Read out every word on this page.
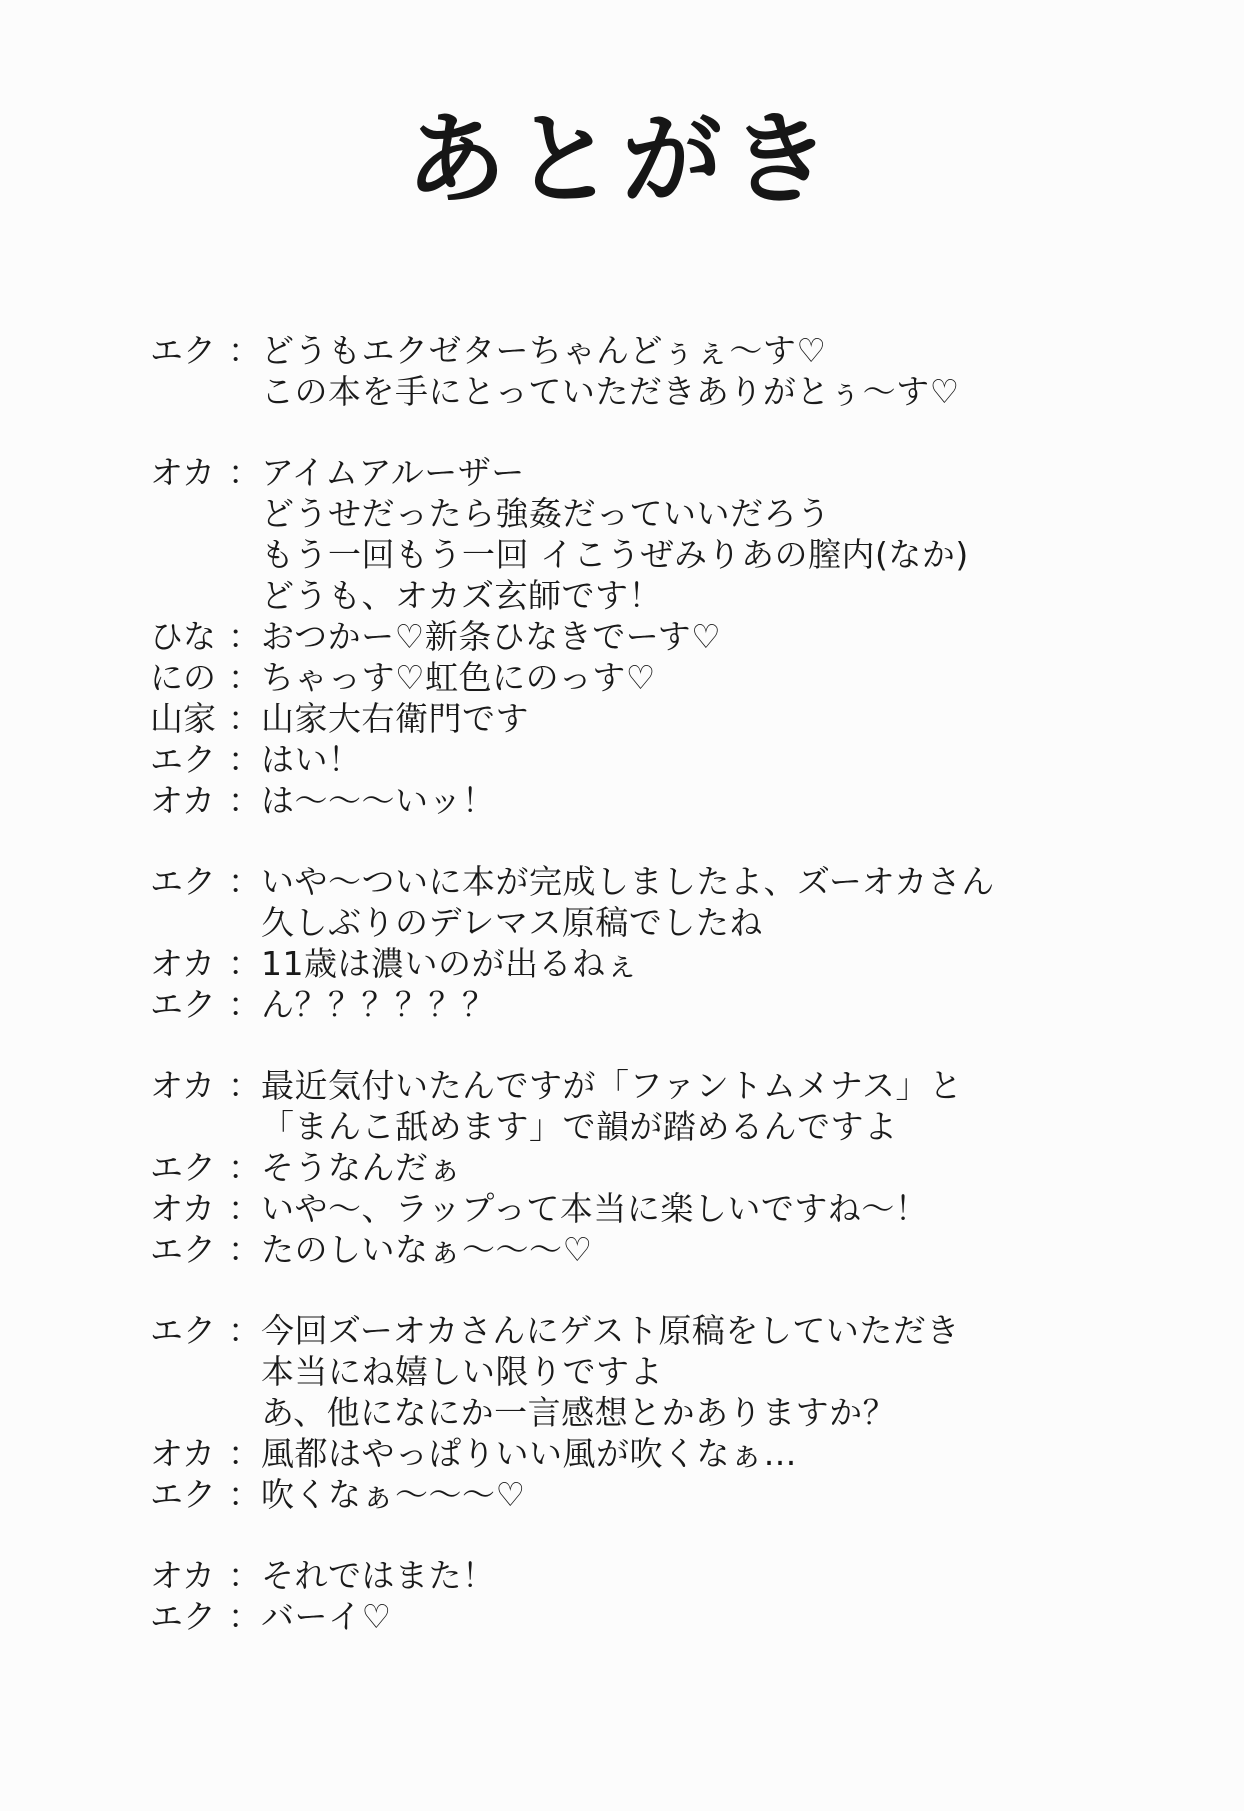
あとがき
エク ： どうもエクゼターちゃんどぅぇ〜す♡
この本を手にとっていただきありがとぅ〜す♡
オカ ： アイムアルーザー
どうせだったら強姦だっていいだろう
もう一回もう一回 イこうぜみりあの膣内(なか)
どうも、オカズ玄師です！
ひな ： おつかー♡新条ひなきでーす♡
にの ： ちゃっす♡虹色にのっす♡
山家 ： 山家大右衛門です
エク ： はい！
オカ ： は〜〜〜いッ！
エク ： いや〜ついに本が完成しましたよ、ズーオカさん
久しぶりのデレマス原稿でしたね
オカ ： 11歳は濃いのが出るねぇ
エク ： ん？？？？？？
オカ ： 最近気付いたんですが「ファントムメナス」と
「まんこ舐めます」で韻が踏めるんですよ
エク ： そうなんだぁ
オカ ： いや〜、ラップって本当に楽しいですね〜！
エク ： たのしいなぁ〜〜〜♡
エク ： 今回ズーオカさんにゲスト原稿をしていただき
本当にね嬉しい限りですよ
あ、他になにか一言感想とかありますか？
オカ ： 風都はやっぱりいい風が吹くなぁ…
エク ： 吹くなぁ〜〜〜♡
オカ ： それではまた！
エク ： バーイ♡
